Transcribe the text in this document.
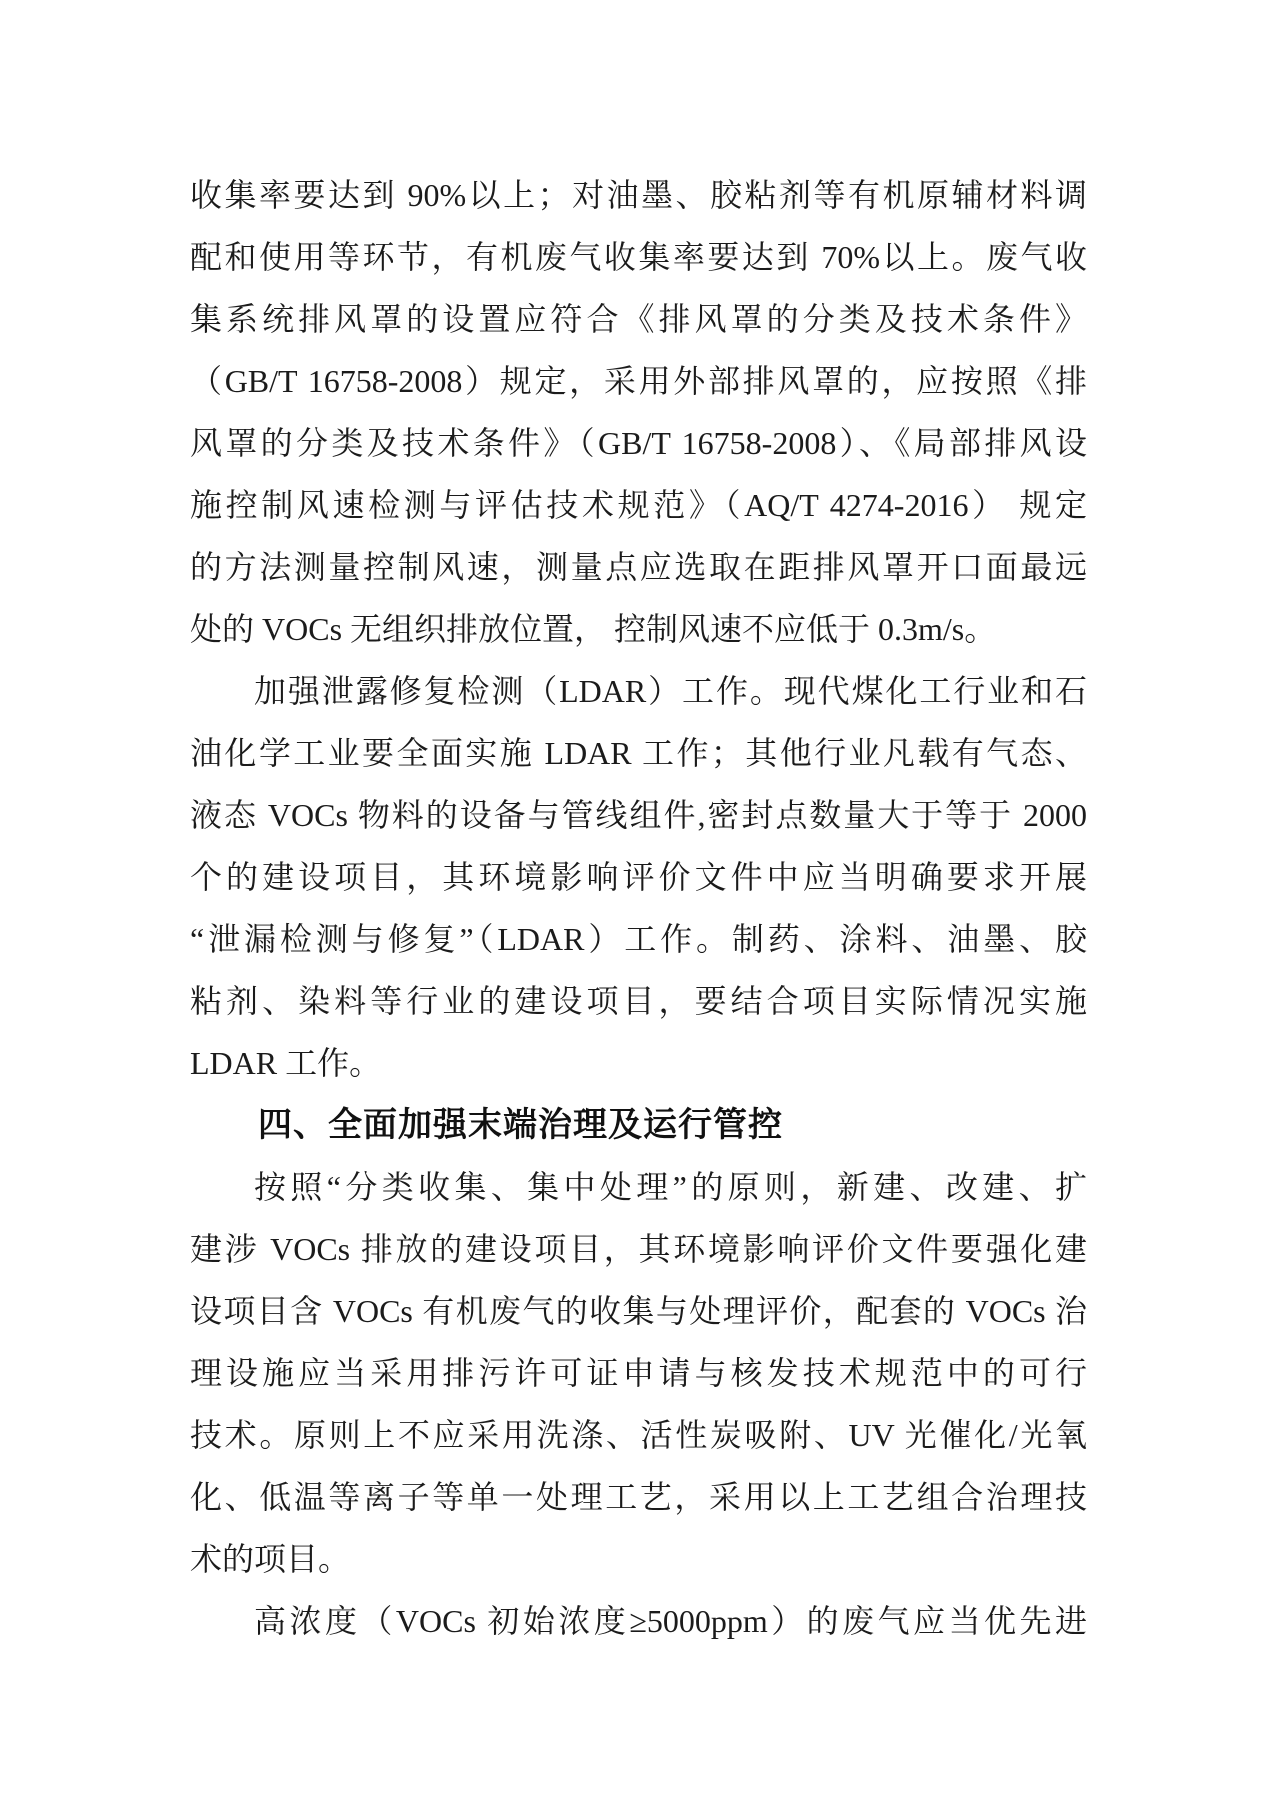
收集率要达到 90%以上；对油墨、胶粘剂等有机原辅材料调
配和使用等环节，有机废气收集率要达到 70%以上。废气收
集系统排风罩的设置应符合《排风罩的分类及技术条件》
（GB/T 16758-2008）规定，采用外部排风罩的，应按照《排
风罩的分类及技术条件》（GB/T 16758-2008）、《局部排风设
施控制风速检测与评估技术规范》（AQ/T 4274-2016） 规定
的方法测量控制风速，测量点应选取在距排风罩开口面最远
处的 VOCs 无组织排放位置， 控制风速不应低于 0.3m/s。
加强泄露修复检测（LDAR）工作。现代煤化工行业和石
油化学工业要全面实施 LDAR 工作；其他行业凡载有气态、
液态 VOCs 物料的设备与管线组件,密封点数量大于等于 2000
个的建设项目，其环境影响评价文件中应当明确要求开展
“泄漏检测与修复”（LDAR）工作。制药、涂料、油墨、胶
粘剂、染料等行业的建设项目，要结合项目实际情况实施
LDAR 工作。
四、全面加强末端治理及运行管控
按照“分类收集、集中处理”的原则，新建、改建、扩
建涉 VOCs 排放的建设项目，其环境影响评价文件要强化建
设项目含 VOCs 有机废气的收集与处理评价，配套的 VOCs 治
理设施应当采用排污许可证申请与核发技术规范中的可行
技术。原则上不应采用洗涤、活性炭吸附、UV 光催化/光氧
化、低温等离子等单一处理工艺，采用以上工艺组合治理技
术的项目。
高浓度（VOCs 初始浓度≥5000ppm）的废气应当优先进
